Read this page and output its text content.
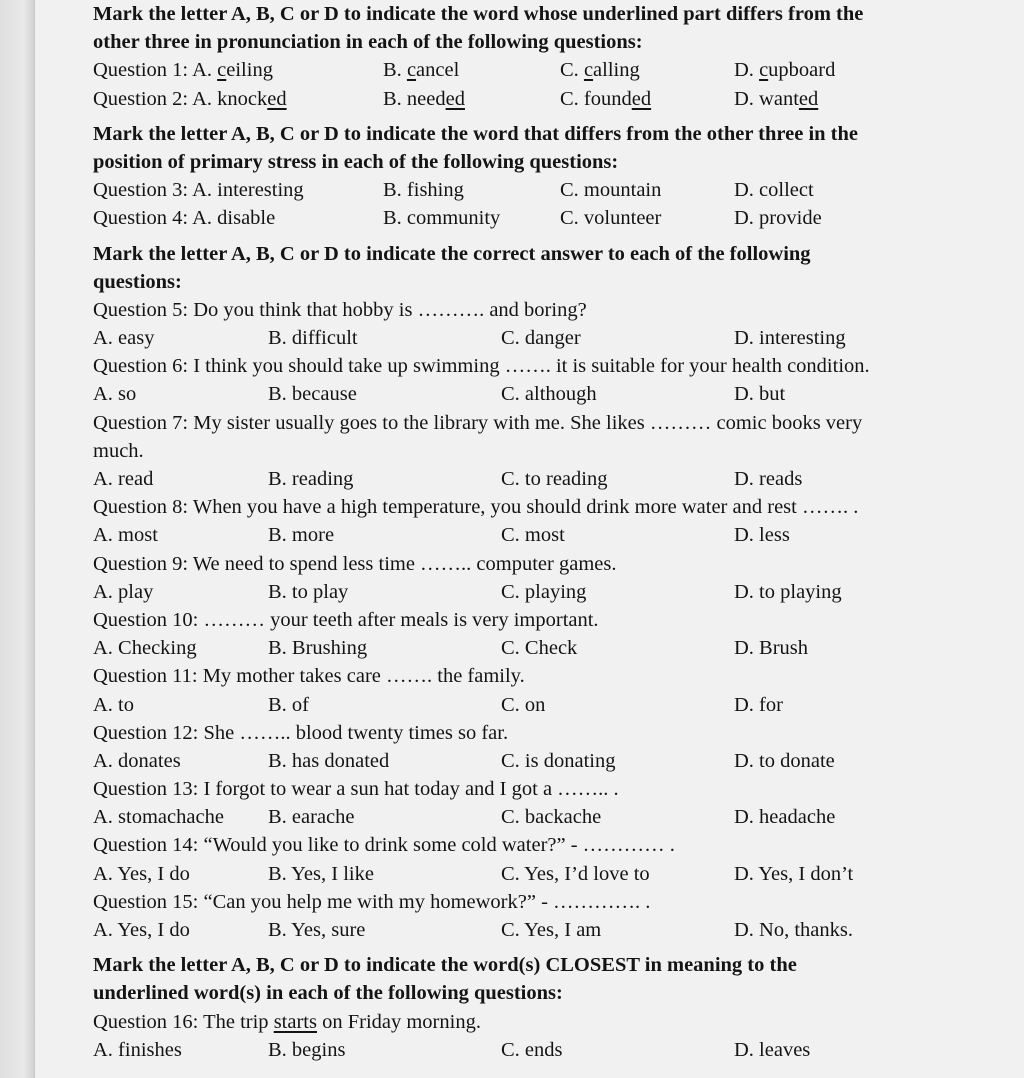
Mark the letter A, B, C or D to indicate the word whose underlined part differs from the
other three in pronunciation in each of the following questions:
Question 1: A. ceiling	B. cancel	C. calling	D. cupboard
Question 2: A. knocked	B. needed	C. founded	D. wanted
Mark the letter A, B, C or D to indicate the word that differs from the other three in the
position of primary stress in each of the following questions:
Question 3: A. interesting	B. fishing	C. mountain	D. collect
Question 4: A. disable	B. community	C. volunteer	D. provide
Mark the letter A, B, C or D to indicate the correct answer to each of the following
questions:
Question 5: Do you think that hobby is ………. and boring?
A. easy	B. difficult	C. danger	D. interesting
Question 6: I think you should take up swimming ……. it is suitable for your health condition.
A. so	B. because	C. although	D. but
Question 7: My sister usually goes to the library with me. She likes ……… comic books very
much.
A. read	B. reading	C. to reading	D. reads
Question 8: When you have a high temperature, you should drink more water and rest ……. .
A. most	B. more	C. most	D. less
Question 9: We need to spend less time …….. computer games.
A. play	B. to play	C. playing	D. to playing
Question 10: ……… your teeth after meals is very important.
A. Checking	B. Brushing	C. Check	D. Brush
Question 11: My mother takes care ……. the family.
A. to	B. of	C. on	D. for
Question 12: She …….. blood twenty times so far.
A. donates	B. has donated	C. is donating	D. to donate
Question 13: I forgot to wear a sun hat today and I got a …….. .
A. stomachache B. earache	C. backache	D. headache
Question 14: “Would you like to drink some cold water?” - ………… .
A. Yes, I do	B. Yes, I like	C. Yes, I’d love to	D. Yes, I don’t
Question 15: “Can you help me with my homework?” - …………. .
A. Yes, I do	B. Yes, sure	C. Yes, I am	D. No, thanks.
Mark the letter A, B, C or D to indicate the word(s) CLOSEST in meaning to the
underlined word(s) in each of the following questions:
Question 16: The trip starts on Friday morning.
A. finishes	B. begins	C. ends	D. leaves
